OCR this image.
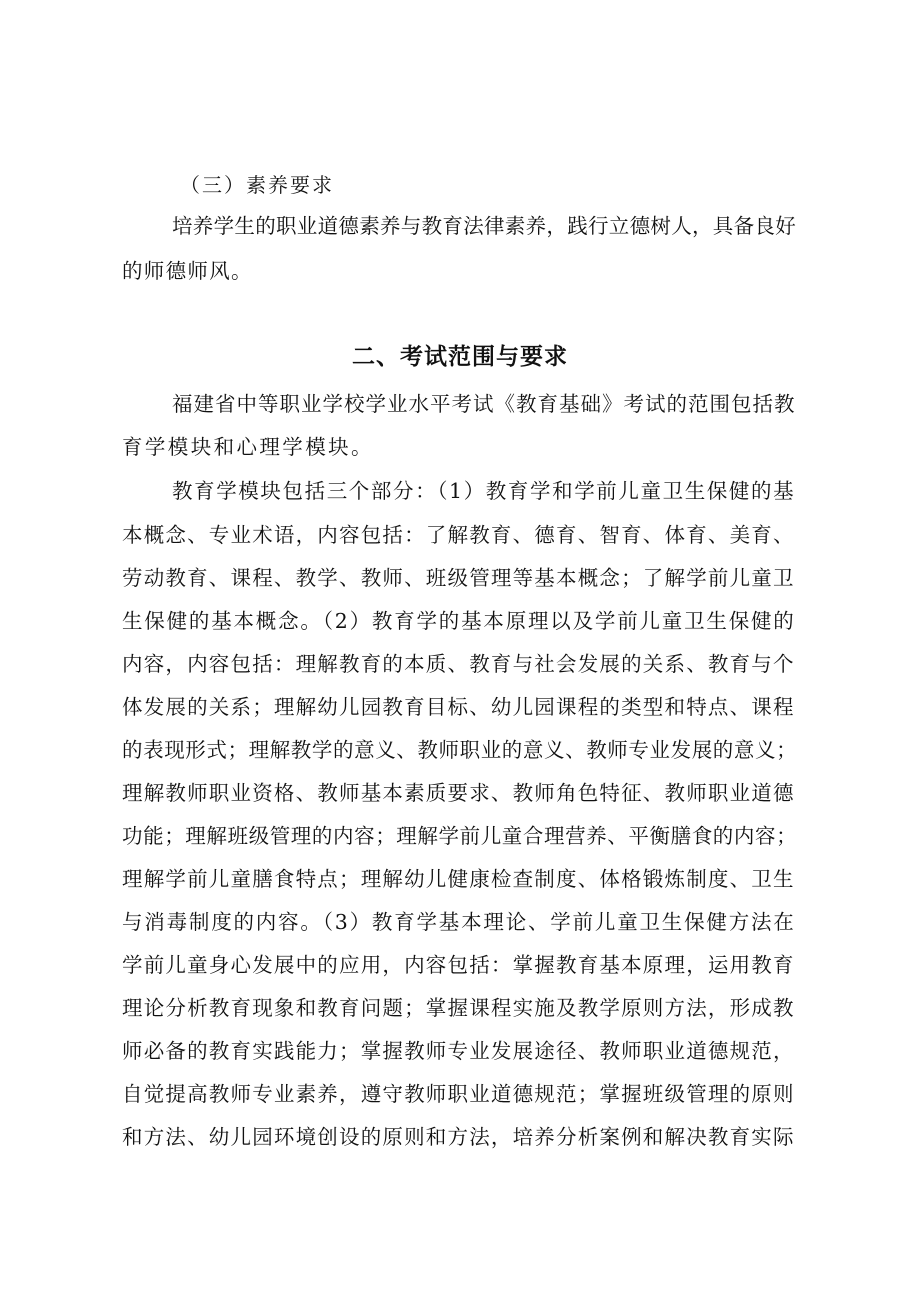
（三）素养要求
培养学生的职业道德素养与教育法律素养，践行立德树人，具备良好
的师德师风。
二、考试范围与要求
福建省中等职业学校学业水平考试《教育基础》考试的范围包括教
育学模块和心理学模块。
教育学模块包括三个部分：（1）教育学和学前儿童卫生保健的基
本概念、专业术语，内容包括：了解教育、德育、智育、体育、美育、
劳动教育、课程、教学、教师、班级管理等基本概念；了解学前儿童卫
生保健的基本概念。（2）教育学的基本原理以及学前儿童卫生保健的
内容，内容包括：理解教育的本质、教育与社会发展的关系、教育与个
体发展的关系；理解幼儿园教育目标、幼儿园课程的类型和特点、课程
的表现形式；理解教学的意义、教师职业的意义、教师专业发展的意义；
理解教师职业资格、教师基本素质要求、教师角色特征、教师职业道德
功能；理解班级管理的内容；理解学前儿童合理营养、平衡膳食的内容；
理解学前儿童膳食特点；理解幼儿健康检查制度、体格锻炼制度、卫生
与消毒制度的内容。（3）教育学基本理论、学前儿童卫生保健方法在
学前儿童身心发展中的应用，内容包括：掌握教育基本原理，运用教育
理论分析教育现象和教育问题；掌握课程实施及教学原则方法，形成教
师必备的教育实践能力；掌握教师专业发展途径、教师职业道德规范，
自觉提高教师专业素养，遵守教师职业道德规范；掌握班级管理的原则
和方法、幼儿园环境创设的原则和方法，培养分析案例和解决教育实际
